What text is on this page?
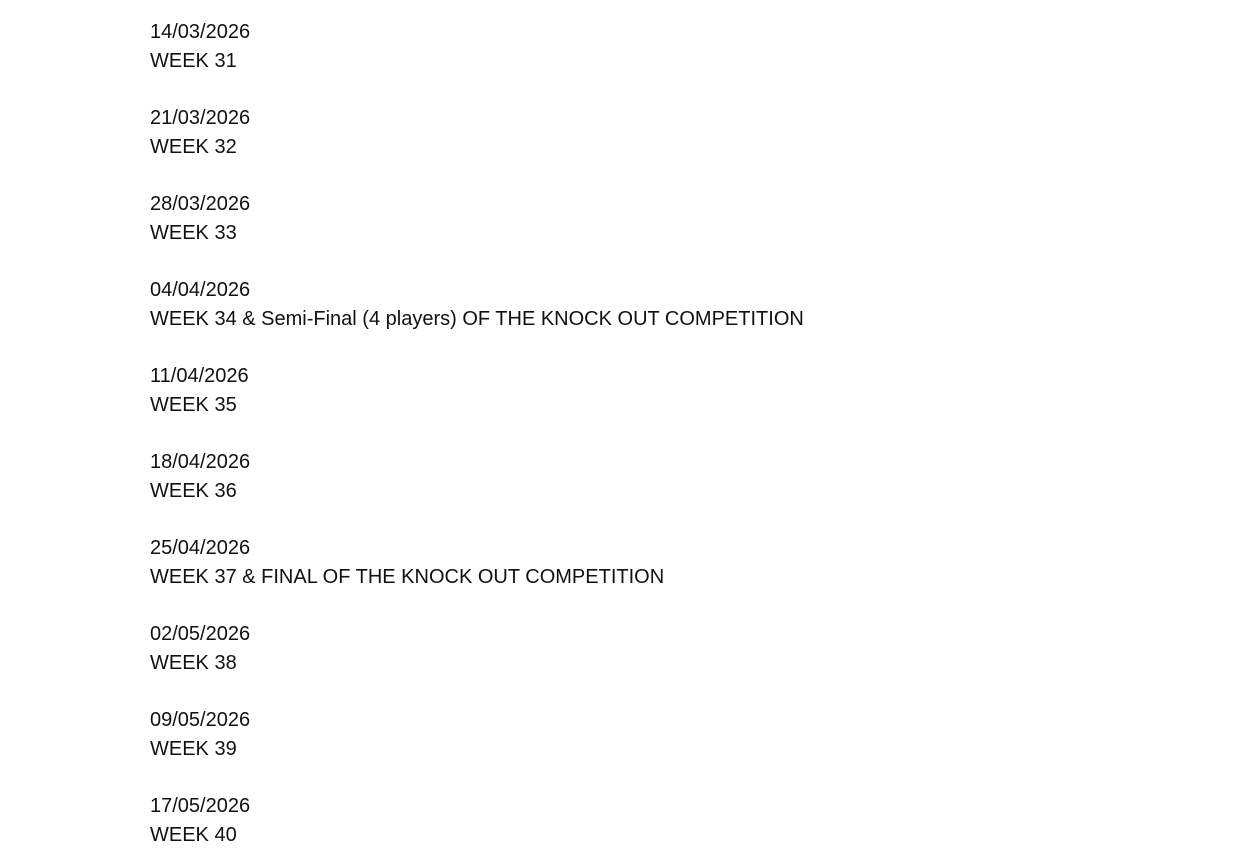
14/03/2026
WEEK 31
21/03/2026
WEEK 32
28/03/2026
WEEK 33
04/04/2026
WEEK 34 & Semi-Final (4 players) OF THE KNOCK OUT COMPETITION
11/04/2026
WEEK 35
18/04/2026
WEEK 36
25/04/2026
WEEK 37 & FINAL OF THE KNOCK OUT COMPETITION
02/05/2026
WEEK 38
09/05/2026
WEEK 39
17/05/2026
WEEK 40
